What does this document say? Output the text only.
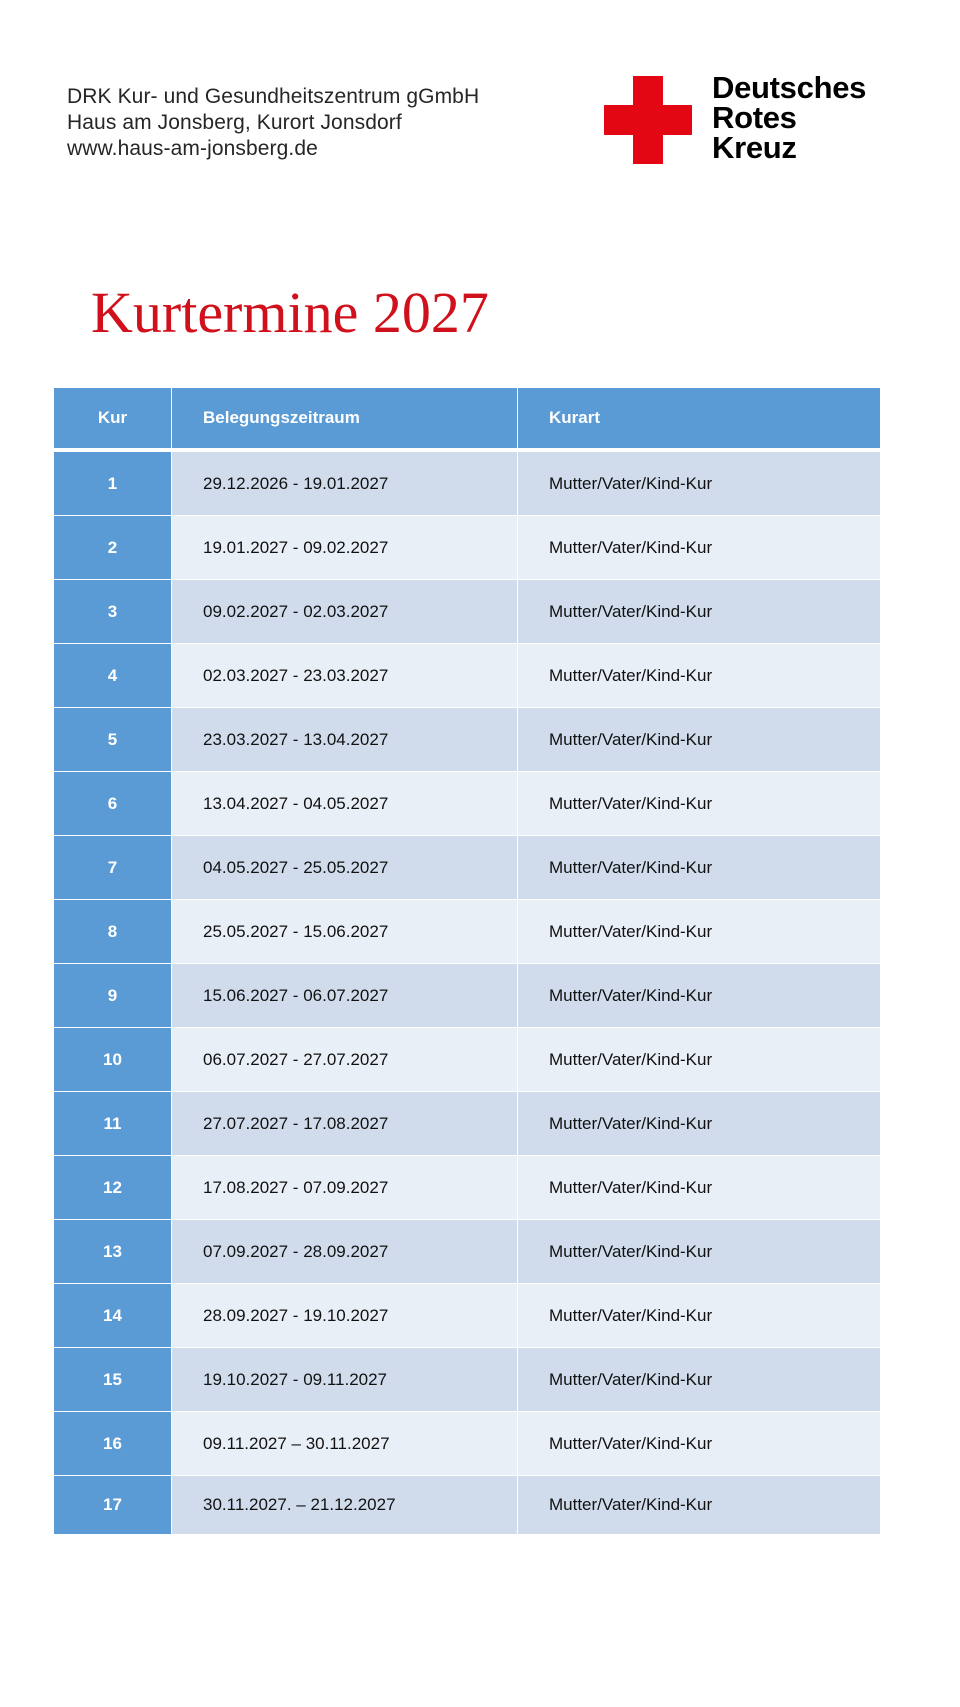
DRK Kur- und Gesundheitszentrum gGmbH
Haus am Jonsberg, Kurort Jonsdorf
www.haus-am-jonsberg.de
Deutsches
Rotes
Kreuz
Kurtermine 2027
Kur	Belegungszeitraum	Kurart
1	29.12.2026 - 19.01.2027	Mutter/Vater/Kind-Kur
2	19.01.2027 - 09.02.2027	Mutter/Vater/Kind-Kur
3	09.02.2027 - 02.03.2027	Mutter/Vater/Kind-Kur
4	02.03.2027 - 23.03.2027	Mutter/Vater/Kind-Kur
5	23.03.2027 - 13.04.2027	Mutter/Vater/Kind-Kur
6	13.04.2027 - 04.05.2027	Mutter/Vater/Kind-Kur
7	04.05.2027 - 25.05.2027	Mutter/Vater/Kind-Kur
8	25.05.2027 - 15.06.2027	Mutter/Vater/Kind-Kur
9	15.06.2027 - 06.07.2027	Mutter/Vater/Kind-Kur
10	06.07.2027 - 27.07.2027	Mutter/Vater/Kind-Kur
11	27.07.2027 - 17.08.2027	Mutter/Vater/Kind-Kur
12	17.08.2027 - 07.09.2027	Mutter/Vater/Kind-Kur
13	07.09.2027 - 28.09.2027	Mutter/Vater/Kind-Kur
14	28.09.2027 - 19.10.2027	Mutter/Vater/Kind-Kur
15	19.10.2027 - 09.11.2027	Mutter/Vater/Kind-Kur
16	09.11.2027 – 30.11.2027	Mutter/Vater/Kind-Kur
17	30.11.2027. – 21.12.2027	Mutter/Vater/Kind-Kur
